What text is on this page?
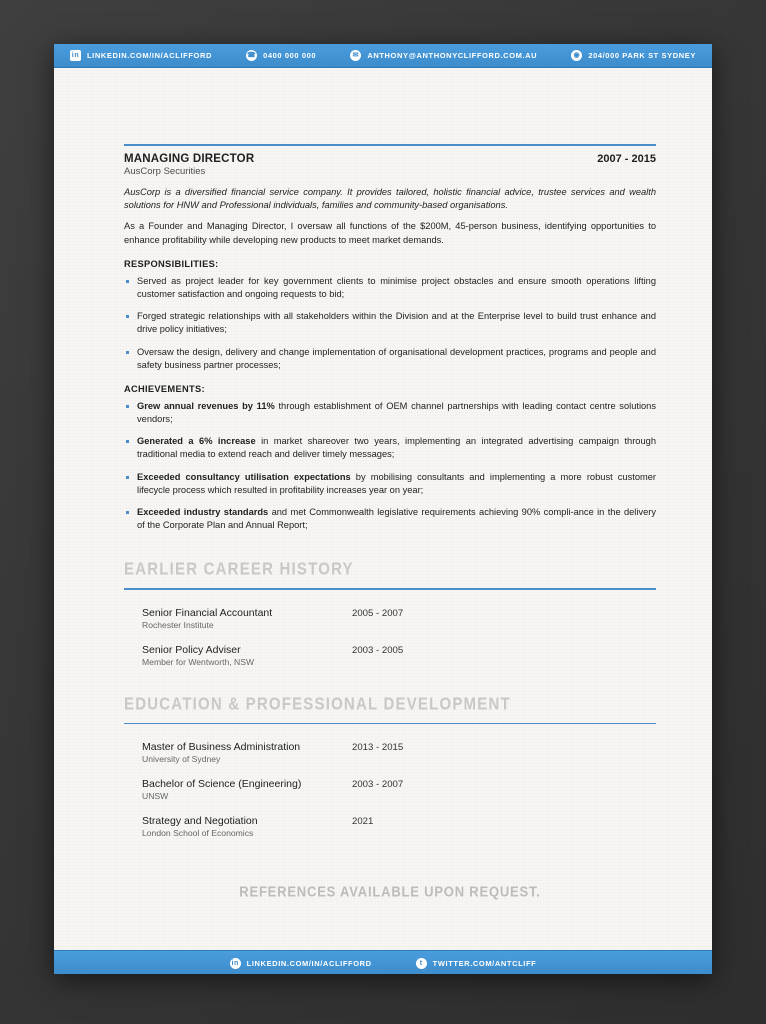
in LINKEDIN.COM/IN/ACLIFFORD	☎ 0400 000 000	✉	ANTHONY@ANTHONYCLIFFORD.COM.AU	◉ 204/000 PARK ST SYDNEY
MANAGING DIRECTOR	2007 - 2015
AusCorp Securities
AusCorp is a diversified financial service company. It provides tailored, holistic financial advice, trustee services and wealth solutions for HNW and Professional individuals, families and community-based organisations.
As a Founder and Managing Director, I oversaw all functions of the $200M, 45-person business, identifying opportunities to enhance profitability while developing new products to meet market demands.
RESPONSIBILITIES:
Served as project leader for key government clients to minimise project obstacles and ensure smooth operations lifting customer satisfaction and ongoing requests to bid;
Forged strategic relationships with all stakeholders within the Division and at the Enterprise level to build trust enhance and drive policy initiatives;
Oversaw the design, delivery and change implementation of organisational development practices, programs and people and safety business partner processes;
ACHIEVEMENTS:
Grew annual revenues by 11% through establishment of OEM channel partnerships with leading contact centre solutions vendors;
Generated a 6% increase in market shareover two years, implementing an integrated advertising campaign through traditional media to extend reach and deliver timely messages;
Exceeded consultancy utilisation expectations by mobilising consultants and implementing a more robust customer lifecycle process which resulted in profitability increases year on year;
Exceeded industry standards and met Commonwealth legislative requirements achieving 90% compli-ance in the delivery of the Corporate Plan and Annual Report;
EARLIER CAREER HISTORY
Senior Financial Accountant
Rochester Institute
2005 - 2007
Senior Policy Adviser
Member for Wentworth, NSW
2003 - 2005
EDUCATION & PROFESSIONAL DEVELOPMENT
Master of Business Administration
University of Sydney
2013 - 2015
Bachelor of Science (Engineering)
UNSW
2003 - 2007
Strategy and Negotiation
London School of Economics
2021
REFERENCES AVAILABLE UPON REQUEST.
in LINKEDIN.COM/IN/ACLIFFORD	t	TWITTER.COM/ANTCLIFF
